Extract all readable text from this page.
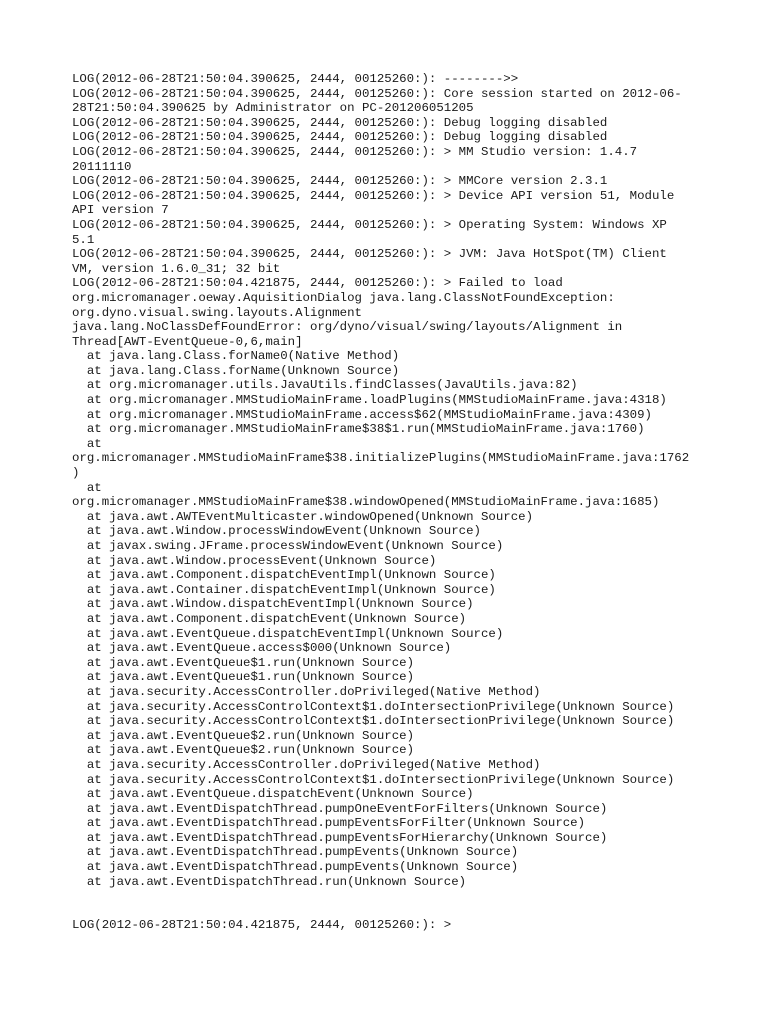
LOG(2012-06-28T21:50:04.390625, 2444, 00125260:): -------->>
LOG(2012-06-28T21:50:04.390625, 2444, 00125260:): Core session started on 2012-06-
28T21:50:04.390625 by Administrator on PC-201206051205
LOG(2012-06-28T21:50:04.390625, 2444, 00125260:): Debug logging disabled
LOG(2012-06-28T21:50:04.390625, 2444, 00125260:): Debug logging disabled
LOG(2012-06-28T21:50:04.390625, 2444, 00125260:): > MM Studio version: 1.4.7
20111110
LOG(2012-06-28T21:50:04.390625, 2444, 00125260:): > MMCore version 2.3.1
LOG(2012-06-28T21:50:04.390625, 2444, 00125260:): > Device API version 51, Module
API version 7
LOG(2012-06-28T21:50:04.390625, 2444, 00125260:): > Operating System: Windows XP
5.1
LOG(2012-06-28T21:50:04.390625, 2444, 00125260:): > JVM: Java HotSpot(TM) Client
VM, version 1.6.0_31; 32 bit
LOG(2012-06-28T21:50:04.421875, 2444, 00125260:): > Failed to load
org.micromanager.oeway.AquisitionDialog java.lang.ClassNotFoundException:
org.dyno.visual.swing.layouts.Alignment
java.lang.NoClassDefFoundError: org/dyno/visual/swing/layouts/Alignment in
Thread[AWT-EventQueue-0,6,main]
at java.lang.Class.forName0(Native Method)
at java.lang.Class.forName(Unknown Source)
at org.micromanager.utils.JavaUtils.findClasses(JavaUtils.java:82)
at org.micromanager.MMStudioMainFrame.loadPlugins(MMStudioMainFrame.java:4318)
at org.micromanager.MMStudioMainFrame.access$62(MMStudioMainFrame.java:4309)
at org.micromanager.MMStudioMainFrame$38$1.run(MMStudioMainFrame.java:1760)
at
org.micromanager.MMStudioMainFrame$38.initializePlugins(MMStudioMainFrame.java:1762
)
at
org.micromanager.MMStudioMainFrame$38.windowOpened(MMStudioMainFrame.java:1685)
at java.awt.AWTEventMulticaster.windowOpened(Unknown Source)
at java.awt.Window.processWindowEvent(Unknown Source)
at javax.swing.JFrame.processWindowEvent(Unknown Source)
at java.awt.Window.processEvent(Unknown Source)
at java.awt.Component.dispatchEventImpl(Unknown Source)
at java.awt.Container.dispatchEventImpl(Unknown Source)
at java.awt.Window.dispatchEventImpl(Unknown Source)
at java.awt.Component.dispatchEvent(Unknown Source)
at java.awt.EventQueue.dispatchEventImpl(Unknown Source)
at java.awt.EventQueue.access$000(Unknown Source)
at java.awt.EventQueue$1.run(Unknown Source)
at java.awt.EventQueue$1.run(Unknown Source)
at java.security.AccessController.doPrivileged(Native Method)
at java.security.AccessControlContext$1.doIntersectionPrivilege(Unknown Source)
at java.security.AccessControlContext$1.doIntersectionPrivilege(Unknown Source)
at java.awt.EventQueue$2.run(Unknown Source)
at java.awt.EventQueue$2.run(Unknown Source)
at java.security.AccessController.doPrivileged(Native Method)
at java.security.AccessControlContext$1.doIntersectionPrivilege(Unknown Source)
at java.awt.EventQueue.dispatchEvent(Unknown Source)
at java.awt.EventDispatchThread.pumpOneEventForFilters(Unknown Source)
at java.awt.EventDispatchThread.pumpEventsForFilter(Unknown Source)
at java.awt.EventDispatchThread.pumpEventsForHierarchy(Unknown Source)
at java.awt.EventDispatchThread.pumpEvents(Unknown Source)
at java.awt.EventDispatchThread.pumpEvents(Unknown Source)
at java.awt.EventDispatchThread.run(Unknown Source)
LOG(2012-06-28T21:50:04.421875, 2444, 00125260:): >
